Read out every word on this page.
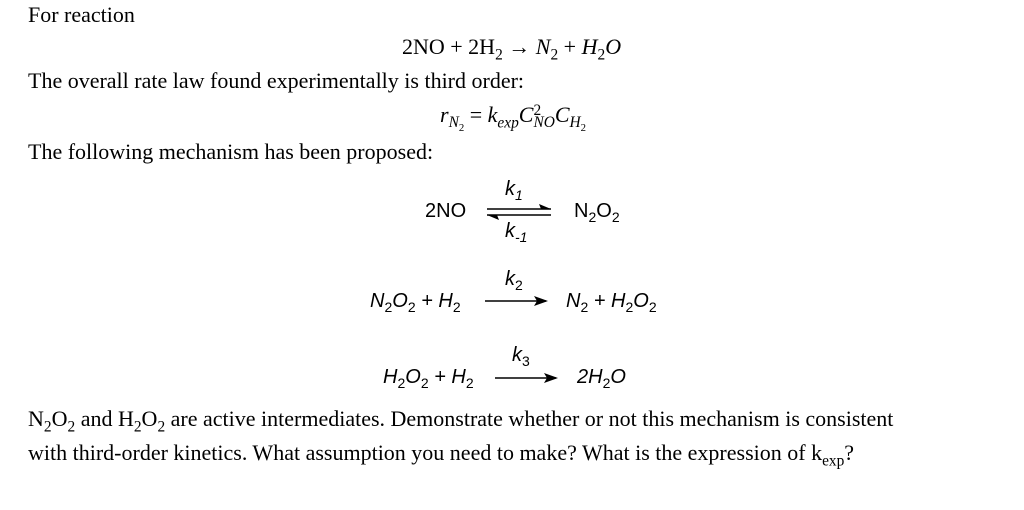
For reaction
$2NO + 2H_2 \to N_2 + H_2O$
The overall rate law found experimentally is third order:
$r_{N_2} = k_{exp}C$ 2
NO $C_{H_2}$
The following mechanism has been proposed:
2NO
$k_1$
$k_{-1}$
$N_2O_2$
$N_2O_2 + H_2$
$k_2$
$N_2 + H_2O_2$
$H_2O_2 + H_2$
$k_3$
$2H_2O$
$N_2O_2$ and $H_2O_2$ are active intermediates. Demonstrate whether or not this mechanism is consistent
with third-order kinetics. What assumption you need to make? What is the expression of $k_{exp}$?
